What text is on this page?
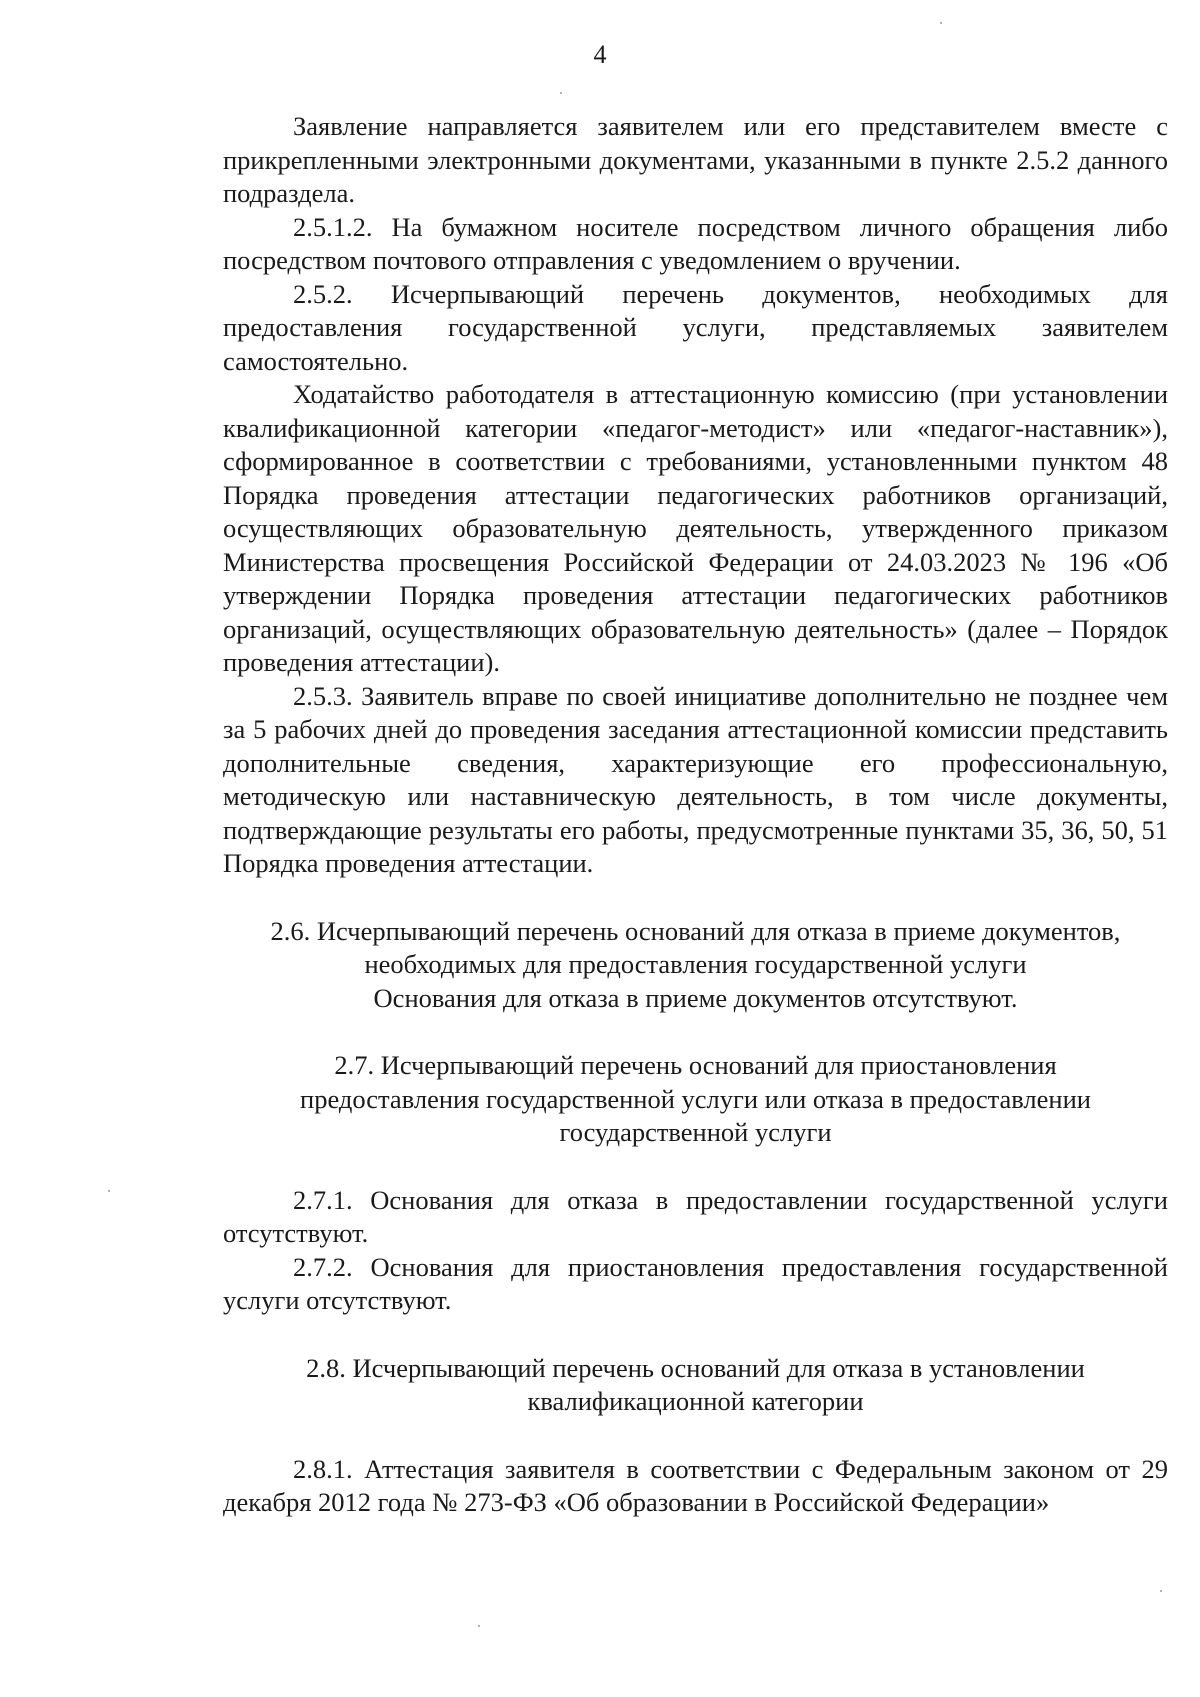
4

Заявление направляется заявителем или его представителем вместе с прикрепленными электронными документами, указанными в пункте 2.5.2 данного подраздела.

2.5.1.2. На бумажном носителе посредством личного обращения либо посредством почтового отправления с уведомлением о вручении.

2.5.2. Исчерпывающий перечень документов, необходимых для предоставления государственной услуги, представляемых заявителем самостоятельно.

Ходатайство работодателя в аттестационную комиссию (при установлении квалификационной категории «педагог-методист» или «педагог-наставник»), сформированное в соответствии с требованиями, установленными пунктом 48 Порядка проведения аттестации педагогических работников организаций, осуществляющих образовательную деятельность, утвержденного приказом Министерства просвещения Российской Федерации от 24.03.2023 № 196 «Об утверждении Порядка проведения аттестации педагогических работников организаций, осуществляющих образовательную деятельность» (далее – Порядок проведения аттестации).

2.5.3. Заявитель вправе по своей инициативе дополнительно не позднее чем за 5 рабочих дней до проведения заседания аттестационной комиссии представить дополнительные сведения, характеризующие его профессиональную, методическую или наставническую деятельность, в том числе документы, подтверждающие результаты его работы, предусмотренные пунктами 35, 36, 50, 51 Порядка проведения аттестации.

2.6. Исчерпывающий перечень оснований для отказа в приеме документов,

необходимых для предоставления государственной услуги

Основания для отказа в приеме документов отсутствуют.

2.7. Исчерпывающий перечень оснований для приостановления

предоставления государственной услуги или отказа в предоставлении

государственной услуги

2.7.1. Основания для отказа в предоставлении государственной услуги отсутствуют.

2.7.2. Основания для приостановления предоставления государственной услуги отсутствуют.

2.8. Исчерпывающий перечень оснований для отказа в установлении

квалификационной категории

2.8.1. Аттестация заявителя в соответствии с Федеральным законом от 29 декабря 2012 года № 273-ФЗ «Об образовании в Российской Федерации»
